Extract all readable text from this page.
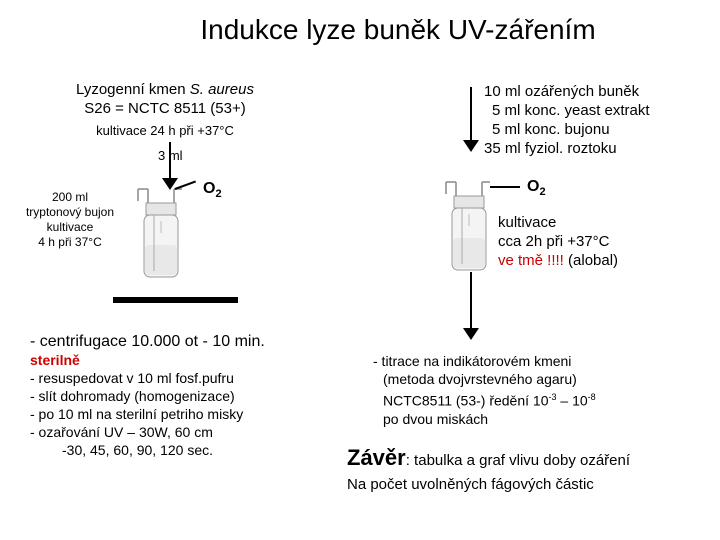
Indukce lyze buněk UV-zářením
Lyzogenní kmen S. aureus
S26 = NCTC 8511 (53+)
kultivace 24 h při +37°C
3 ml
200 ml
tryptonový bujon
kultivace
4 h při 37°C
$O_2$
- centrifugace 10.000 ot - 10 min.
sterilně
- resuspedovat v 10 ml fosf.pufru
- slít dohromady (homogenizace)
- po 10 ml na sterilní petriho misky
- ozařování UV – 30W, 60 cm
-30, 45, 60, 90, 120 sec.
10 ml ozářených buněk
5 ml konc. yeast extrakt
5 ml konc. bujonu
35 ml fyziol. roztoku
$O_2$
kultivace
cca 2h při +37°C
ve tmě !!!! (alobal)
- titrace na indikátorovém kmeni
(metoda dvojvrstevného agaru)
NCTC8511 (53-) ředění $10^{-3} - 10^{-8}$
po dvou miskách
Závěr: tabulka a graf vlivu doby ozáření
Na počet uvolněných fágových částic
